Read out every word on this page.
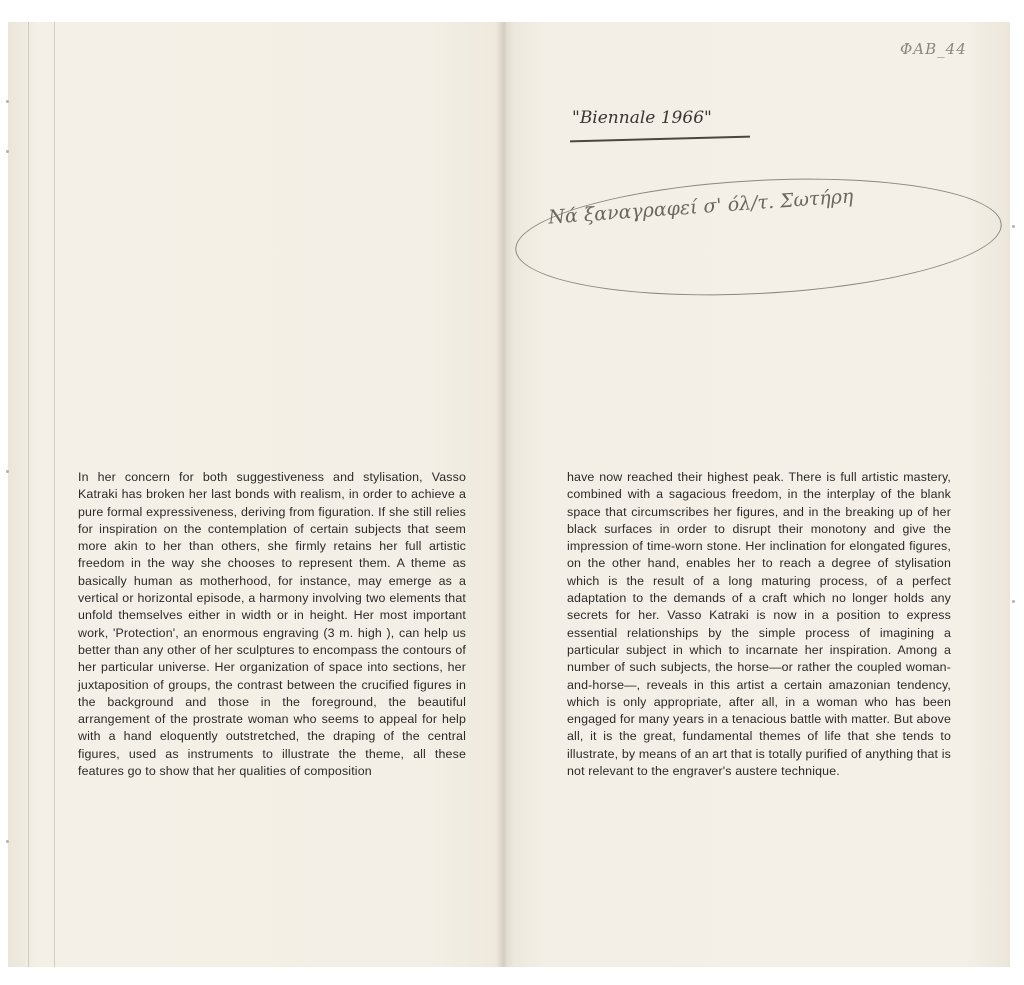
ΦΑΒ_44
"Biennale 1966"
Νά ξαναγραφεί σ' όλ/τ. Σωτήρη
In her concern for both suggestiveness and stylisation, Vasso Katraki has broken her last bonds with realism, in order to achieve a pure formal expressiveness, deriving from figuration. If she still relies for inspiration on the contemplation of certain subjects that seem more akin to her than others, she firmly retains her full artistic freedom in the way she chooses to represent them. A theme as basically human as motherhood, for instance, may emerge as a vertical or horizontal episode, a harmony involving two elements that unfold themselves either in width or in height. Her most important work, 'Protection', an enormous engraving (3 m. high ), can help us better than any other of her sculptures to encompass the contours of her particular universe. Her organization of space into sections, her juxtaposition of groups, the contrast between the crucified figures in the background and those in the foreground, the beautiful arrangement of the prostrate woman who seems to appeal for help with a hand eloquently outstretched, the draping of the central figures, used as instruments to illustrate the theme, all these features go to show that her qualities of composition
have now reached their highest peak. There is full artistic mastery, combined with a sagacious freedom, in the interplay of the blank space that circumscribes her figures, and in the breaking up of her black surfaces in order to disrupt their monotony and give the impression of time-worn stone. Her inclination for elongated figures, on the other hand, enables her to reach a degree of stylisation which is the result of a long maturing process, of a perfect adaptation to the demands of a craft which no longer holds any secrets for her. Vasso Katraki is now in a position to express essential relationships by the simple process of imagining a particular subject in which to incarnate her inspiration. Among a number of such subjects, the horse—or rather the coupled woman-and-horse—, reveals in this artist a certain amazonian tendency, which is only appropriate, after all, in a woman who has been engaged for many years in a tenacious battle with matter. But above all, it is the great, fundamental themes of life that she tends to illustrate, by means of an art that is totally purified of anything that is not relevant to the engraver's austere technique.
